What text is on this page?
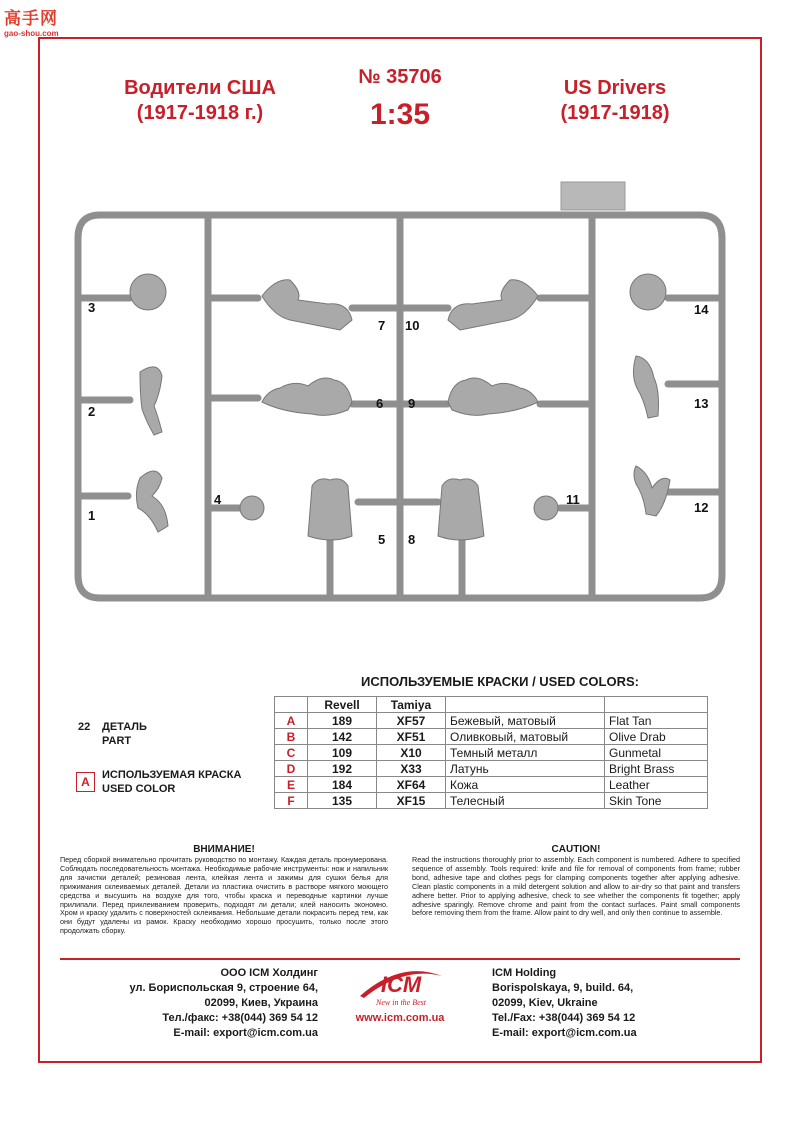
高手网
gao-shou.com
Водители США
(1917-1918 г.)
№ 35706
1:35
US Drivers
(1917-1918)
3
2
1
4
7 10
6 9
5 8
11
14
13
12
ИСПОЛЬЗУЕМЫЕ КРАСКИ / USED COLORS:
	Revell	Tamiya		
A	189	XF57	Бежевый, матовый	Flat Tan
B	142	XF51	Оливковый, матовый	Olive Drab
C	109	X10	Темный металл	Gunmetal
D	192	X33	Латунь	Bright Brass
E	184	XF64	Кожа	Leather
F	135	XF15	Телесный	Skin Tone
22 ДЕТАЛЬ
PART
A	ИСПОЛЬЗУЕМАЯ КРАСКА
USED COLOR
ВНИМАНИЕ!
Перед сборкой внимательно прочитать руководство по монтажу. Каждая деталь пронумерована. Соблюдать последовательность монтажа. Необходимые рабочие инструменты: нож и напильник для зачистки деталей; резиновая лента, клейкая лента и зажимы для сушки белья для прижимания склеиваемых деталей. Детали из пластика очистить в растворе мягкого моющего средства и высушить на воздухе для того, чтобы краска и переводные картинки лучше прилипали. Перед приклеиванием проверить, подходят ли детали; клей наносить экономно. Хром и краску удалить с поверхностей склеивания. Небольшие детали покрасить перед тем, как они будут удалены из рамок. Краску необходимо хорошо просушить, только после этого продолжать сборку.
CAUTION!
Read the instructions thoroughly prior to assembly. Each component is numbered. Adhere to specified sequence of assembly. Tools required: knife and file for removal of components from frame; rubber bond, adhesive tape and clothes pegs for clamping components together after applying adhesive. Clean plastic components in a mild detergent solution and allow to air-dry so that paint and transfers adhere better. Prior to applying adhesive, check to see whether the components fit together; apply adhesive sparingly. Remove chrome and paint from the contact surfaces. Paint small components before removing them from the frame. Allow paint to dry well, and only then continue to assemble.
ООО ICM Холдинг
ул. Бориспольская 9, строение 64,
02099, Киев, Украина
Тел./факс: +38(044) 369 54 12
E-mail: export@icm.com.ua
ICM
New in the Best
www.icm.com.ua
ICM Holding
Borispolskaya, 9, build. 64,
02099, Kiev, Ukraine
Tel./Fax: +38(044) 369 54 12
E-mail: export@icm.com.ua
